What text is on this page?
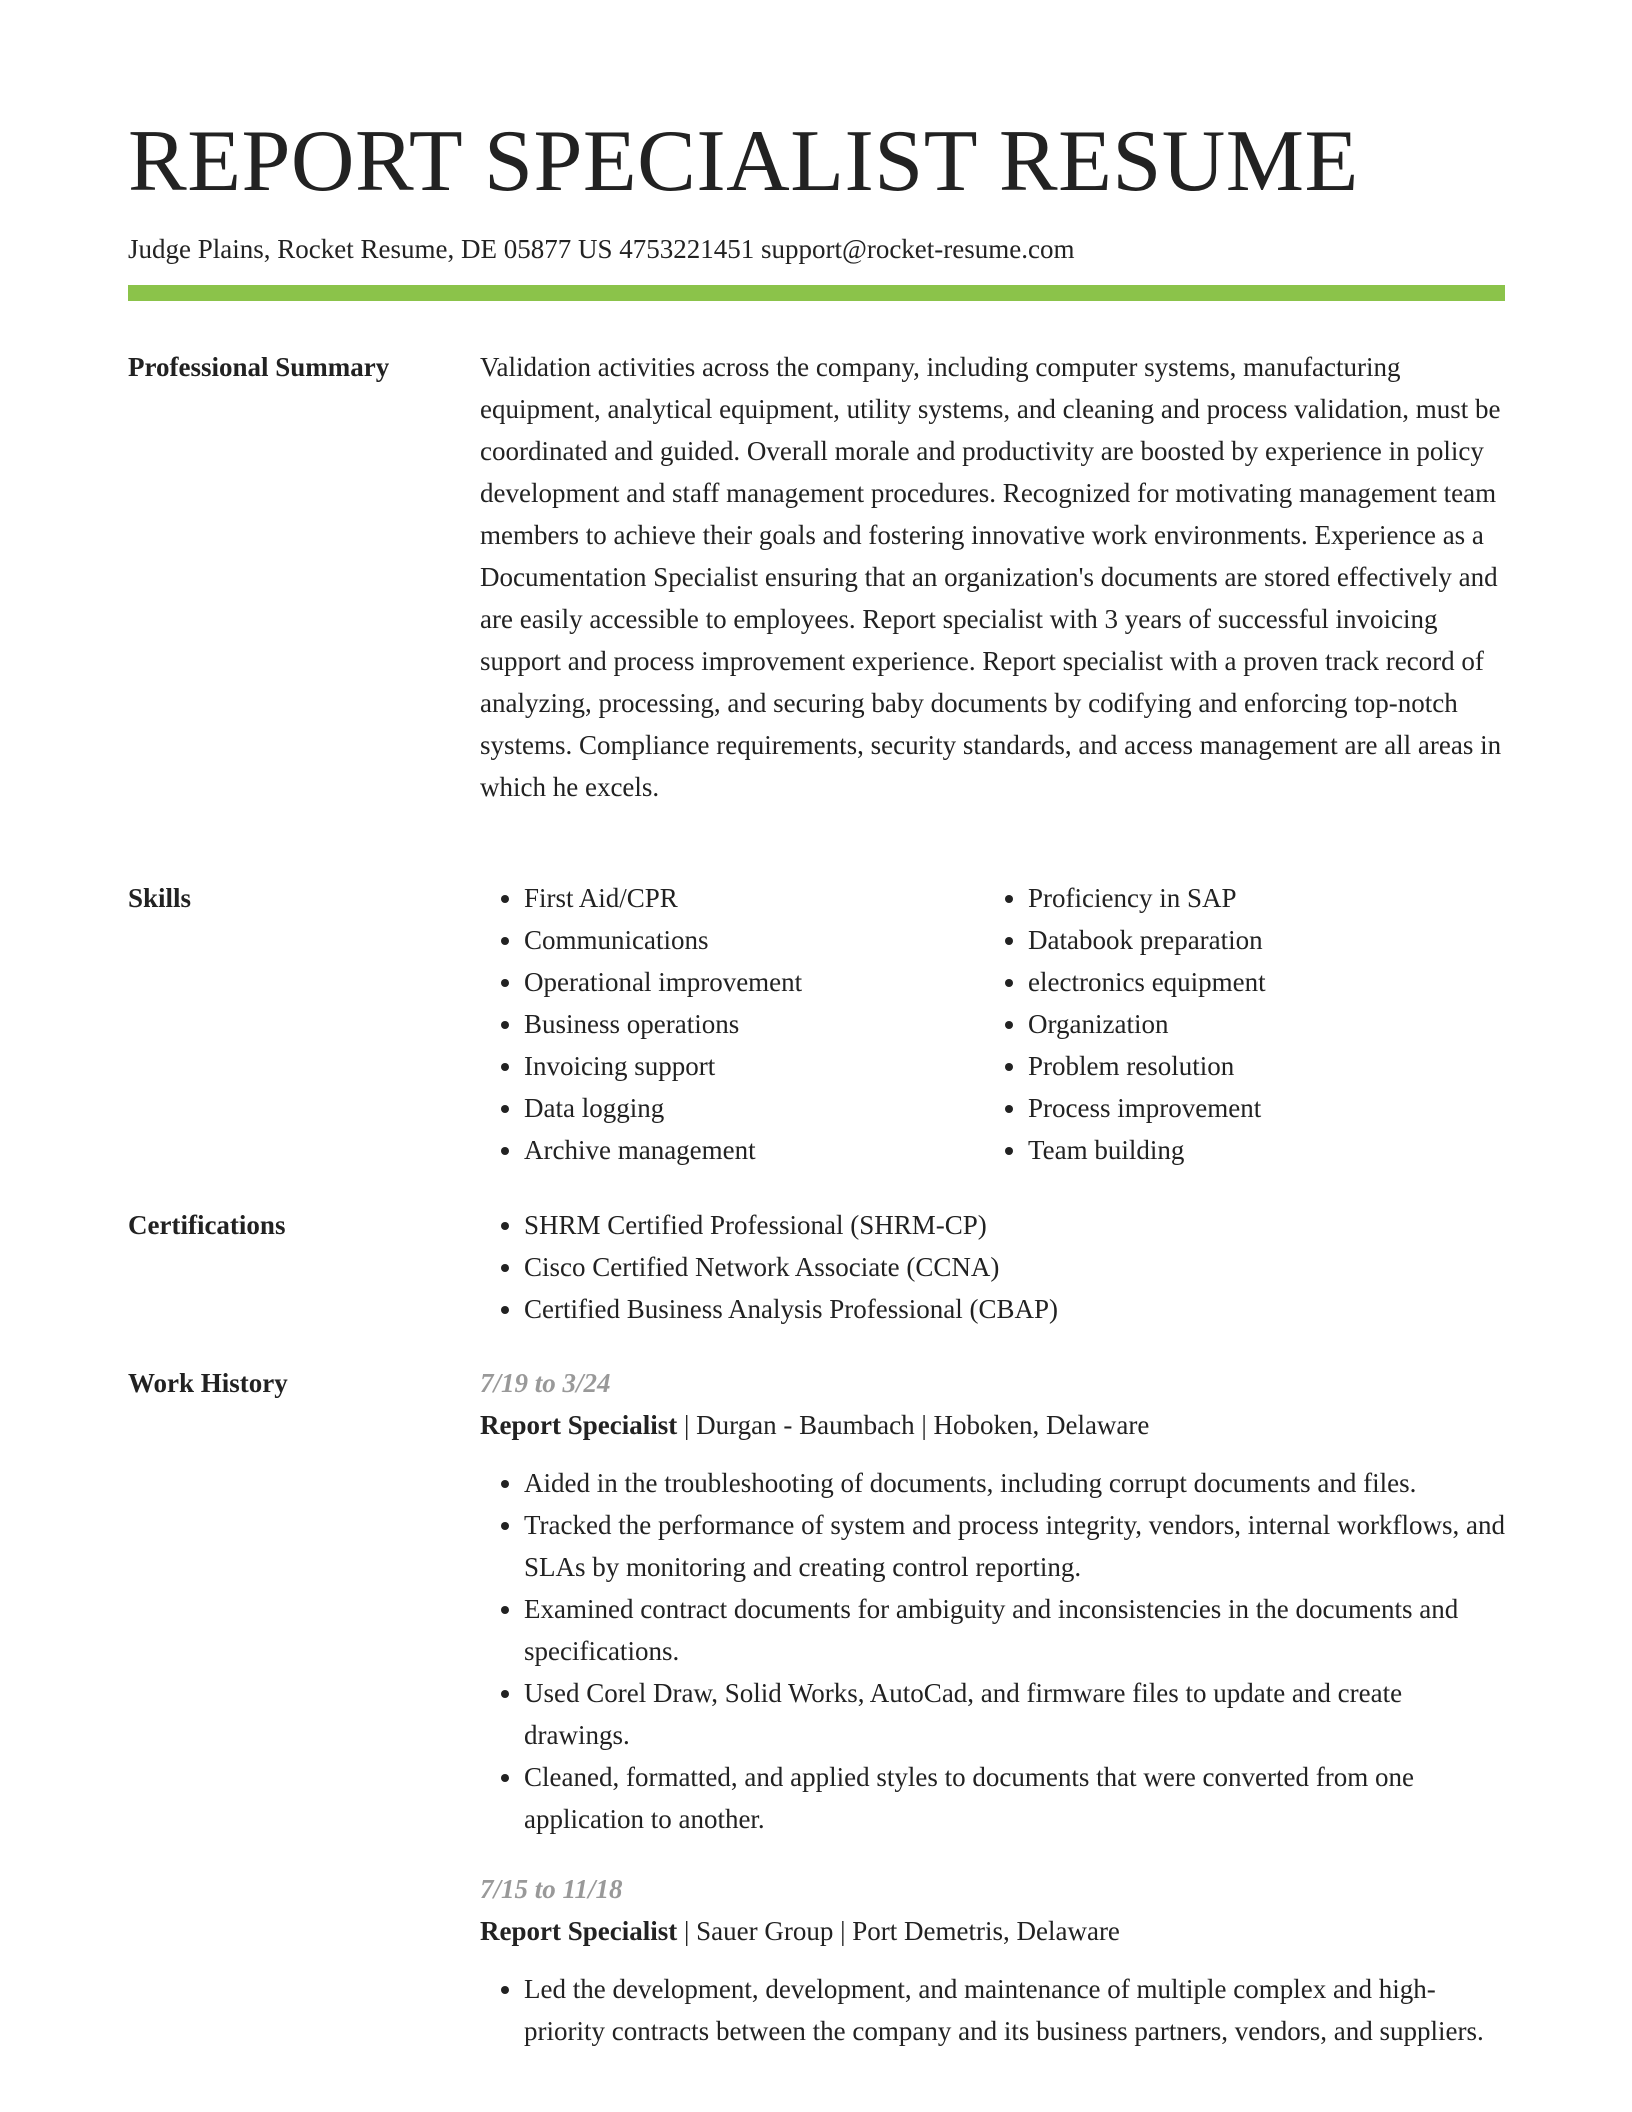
REPORT SPECIALIST RESUME
Judge Plains, Rocket Resume, DE 05877 US 4753221451 support@rocket-resume.com
Professional Summary	Validation activities across the company, including computer systems, manufacturing equipment, analytical equipment, utility systems, and cleaning and process validation, must be coordinated and guided. Overall morale and productivity are boosted by experience in policy development and staff management procedures. Recognized for motivating management team members to achieve their goals and fostering innovative work environments. Experience as a Documentation Specialist ensuring that an organization's documents are stored effectively and are easily accessible to employees. Report specialist with 3 years of successful invoicing support and process improvement experience. Report specialist with a proven track record of analyzing, processing, and securing baby documents by codifying and enforcing top-notch systems. Compliance requirements, security standards, and access management are all areas in which he excels.

Skills	• First Aid/CPR
• Communications
• Operational improvement
• Business operations
• Invoicing support
• Data logging
• Archive management
• Proficiency in SAP
• Databook preparation
• electronics equipment
• Organization
• Problem resolution
• Process improvement
• Team building
Certifications	• SHRM Certified Professional (SHRM-CP)
• Cisco Certified Network Associate (CCNA)
• Certified Business Analysis Professional (CBAP)
Work History	7/19 to 3/24
Report Specialist | Durgan - Baumbach | Hoboken, Delaware
• Aided in the troubleshooting of documents, including corrupt documents and files.
• Tracked the performance of system and process integrity, vendors, internal workflows, and SLAs by monitoring and creating control reporting.
• Examined contract documents for ambiguity and inconsistencies in the documents and specifications.
• Used Corel Draw, Solid Works, AutoCad, and firmware files to update and create drawings.
• Cleaned, formatted, and applied styles to documents that were converted from one application to another.
7/15 to 11/18
Report Specialist | Sauer Group | Port Demetris, Delaware
• Led the development, development, and maintenance of multiple complex and high-priority contracts between the company and its business partners, vendors, and suppliers.
